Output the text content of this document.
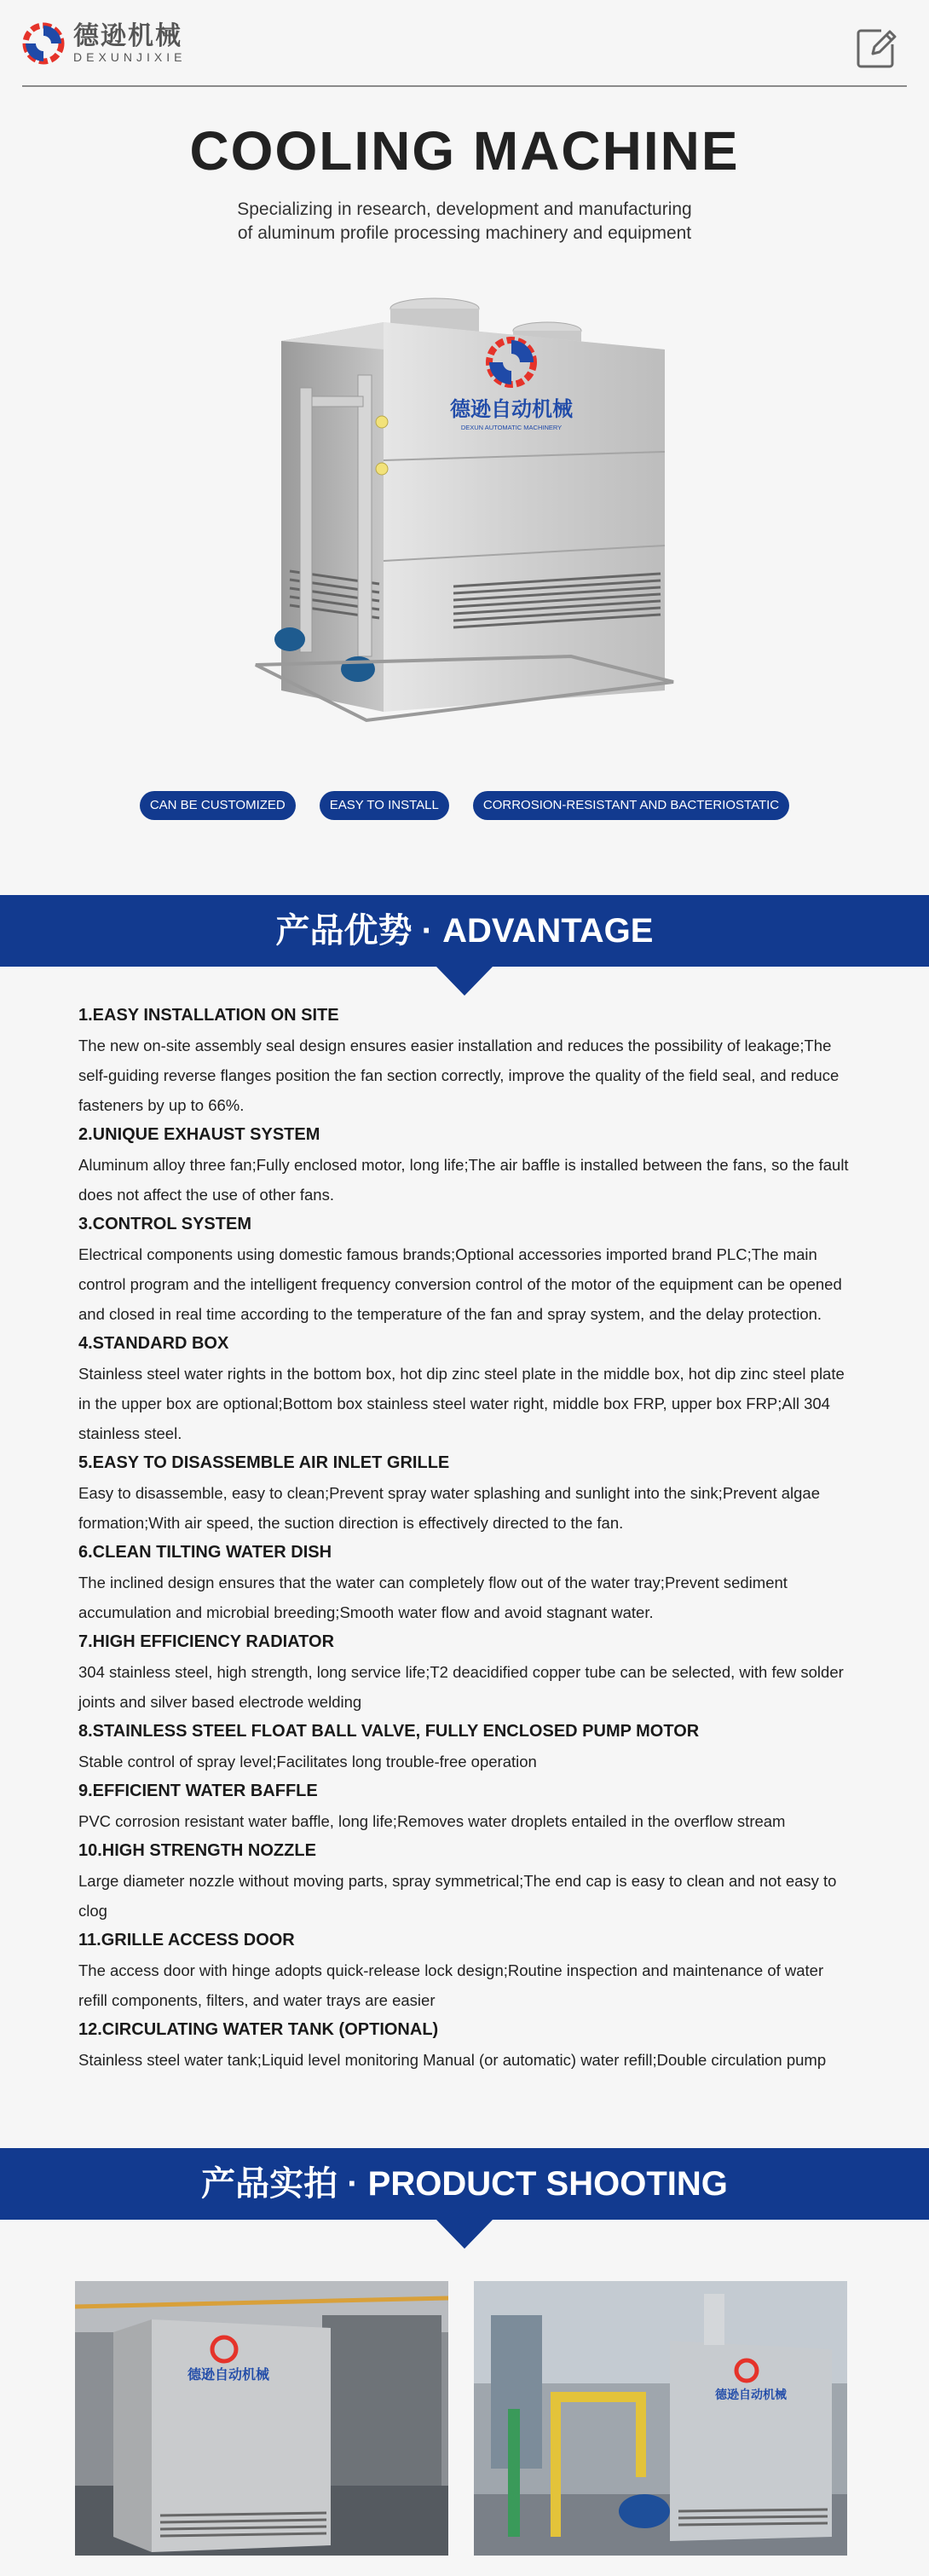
德逊机械
DEXUNJIXIE
COOLING MACHINE
Specializing in research, development and manufacturing
of aluminum profile processing machinery and equipment
德逊自动机械
DEXUN AUTOMATIC MACHINERY
CAN BE CUSTOMIZED	EASY TO INSTALL	CORROSION-RESISTANT AND BACTERIOSTATIC
产品优势 · ADVANTAGE
1.EASY INSTALLATION ON SITE

The new on-site assembly seal design ensures easier installation and reduces the possibility of leakage;The self-guiding reverse flanges position the fan section correctly, improve the quality of the field seal, and reduce fasteners by up to 66%.

2.UNIQUE EXHAUST SYSTEM

Aluminum alloy three fan;Fully enclosed motor, long life;The air baffle is installed between the fans, so the fault does not affect the use of other fans.

3.CONTROL SYSTEM

Electrical components using domestic famous brands;Optional accessories imported brand PLC;The main control program and the intelligent frequency conversion control of the motor of the equipment can be opened and closed in real time according to the temperature of the fan and spray system, and the delay protection.

4.STANDARD BOX

Stainless steel water rights in the bottom box, hot dip zinc steel plate in the middle box, hot dip zinc steel plate in the upper box are optional;Bottom box stainless steel water right, middle box FRP, upper box FRP;All 304 stainless steel.

5.EASY TO DISASSEMBLE AIR INLET GRILLE

Easy to disassemble, easy to clean;Prevent spray water splashing and sunlight into the sink;Prevent algae formation;With air speed, the suction direction is effectively directed to the fan.

6.CLEAN TILTING WATER DISH

The inclined design ensures that the water can completely flow out of the water tray;Prevent sediment accumulation and microbial breeding;Smooth water flow and avoid stagnant water.

7.HIGH EFFICIENCY RADIATOR

304 stainless steel, high strength, long service life;T2 deacidified copper tube can be selected, with few solder joints and silver based electrode welding

8.STAINLESS STEEL FLOAT BALL VALVE, FULLY ENCLOSED PUMP MOTOR

Stable control of spray level;Facilitates long trouble-free operation

9.EFFICIENT WATER BAFFLE

PVC corrosion resistant water baffle, long life;Removes water droplets entailed in the overflow stream

10.HIGH STRENGTH NOZZLE

Large diameter nozzle without moving parts, spray symmetrical;The end cap is easy to clean and not easy to clog

11.GRILLE ACCESS DOOR

The access door with hinge adopts quick-release lock design;Routine inspection and maintenance of water refill components, filters, and water trays are easier

12.CIRCULATING WATER TANK (OPTIONAL)

Stainless steel water tank;Liquid level monitoring Manual (or automatic) water refill;Double circulation pump

产品实拍 · PRODUCT SHOOTING
德逊自动机械
德逊自动机械
